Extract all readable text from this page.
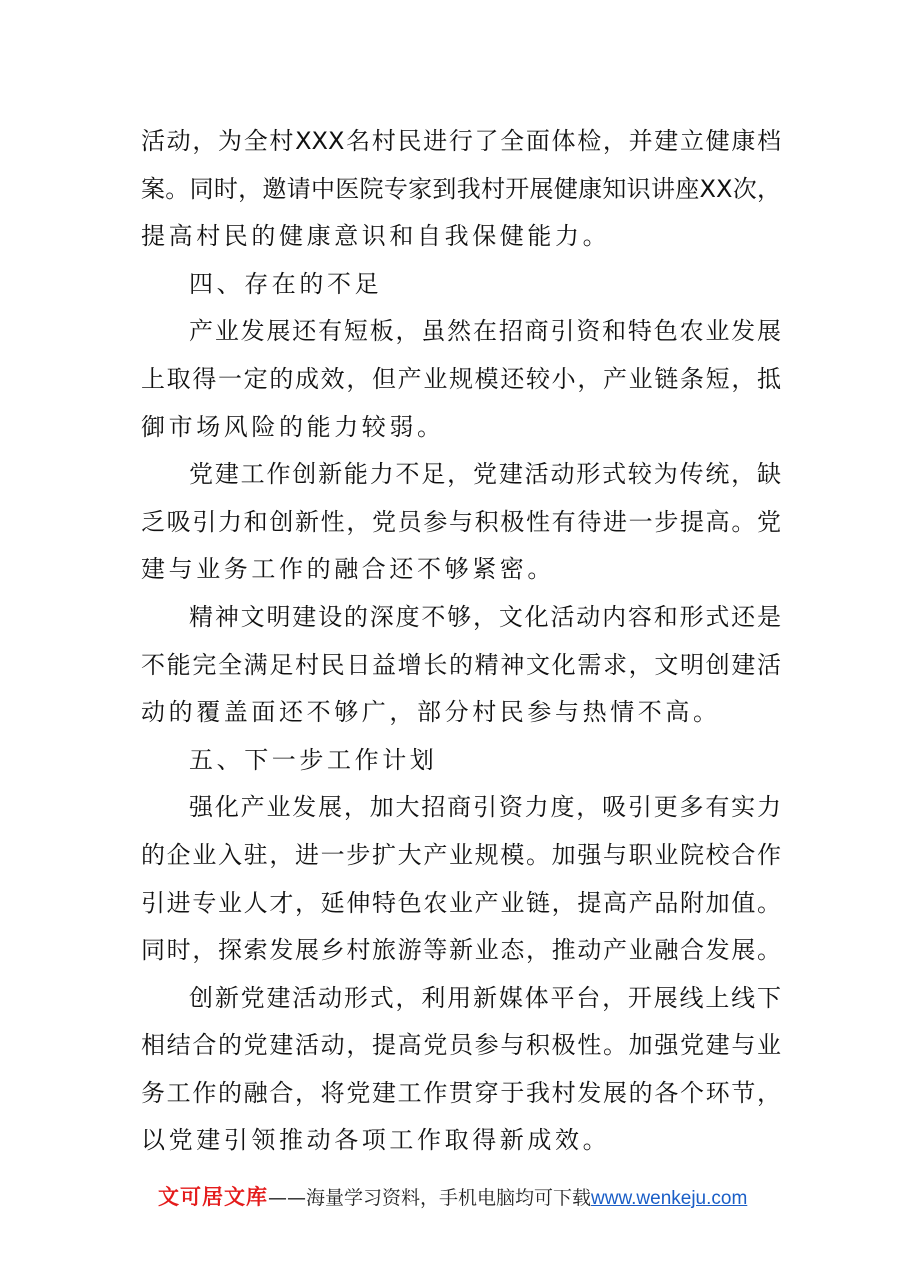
活动，为全村XXX名村民进行了全面体检，并建立健康档
案。同时，邀请中医院专家到我村开展健康知识讲座XX次，
提高村民的健康意识和自我保健能力。
四、存在的不足
产业发展还有短板，虽然在招商引资和特色农业发展
上取得一定的成效，但产业规模还较小，产业链条短，抵
御市场风险的能力较弱。
党建工作创新能力不足，党建活动形式较为传统，缺
乏吸引力和创新性，党员参与积极性有待进一步提高。党
建与业务工作的融合还不够紧密。
精神文明建设的深度不够，文化活动内容和形式还是
不能完全满足村民日益增长的精神文化需求，文明创建活
动的覆盖面还不够广，部分村民参与热情不高。
五、下一步工作计划
强化产业发展，加大招商引资力度，吸引更多有实力
的企业入驻，进一步扩大产业规模。加强与职业院校合作
引进专业人才，延伸特色农业产业链，提高产品附加值。
同时，探索发展乡村旅游等新业态，推动产业融合发展。
创新党建活动形式，利用新媒体平台，开展线上线下
相结合的党建活动，提高党员参与积极性。加强党建与业
务工作的融合，将党建工作贯穿于我村发展的各个环节，
以党建引领推动各项工作取得新成效。
文可居文库——海量学习资料，手机电脑均可下载www.wenkeju.com
